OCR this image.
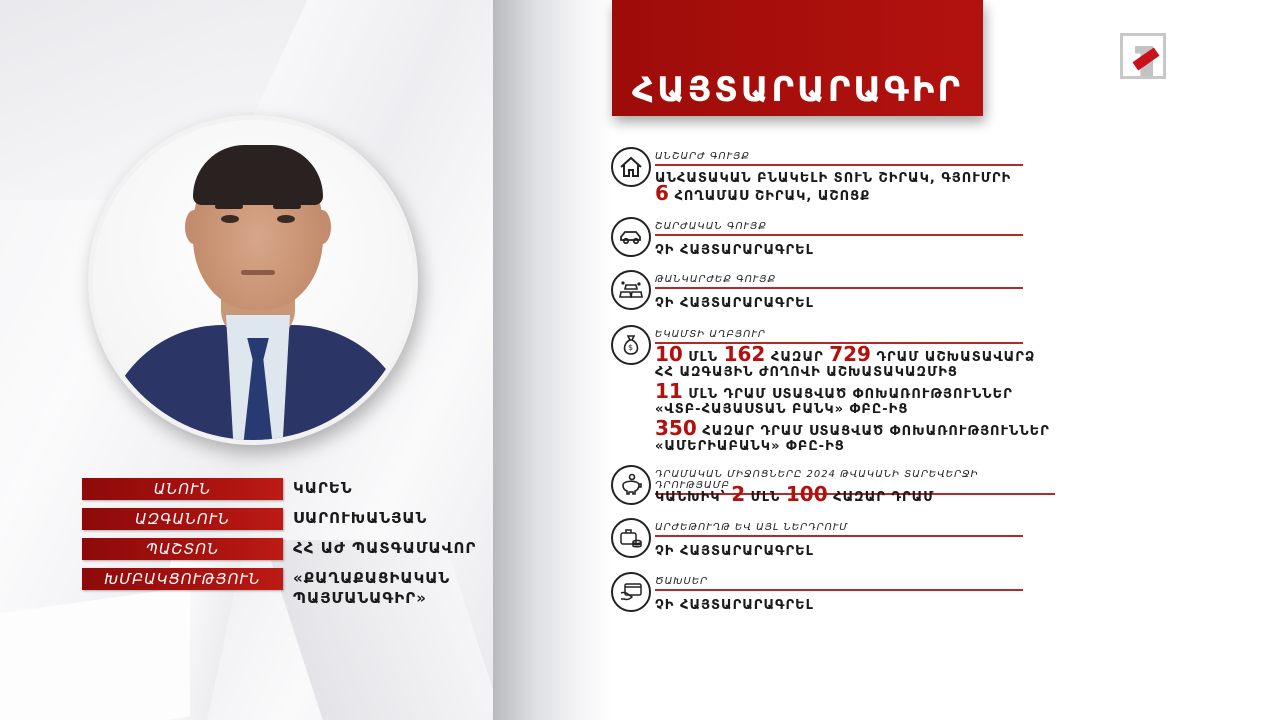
ԱՆՈՒՆ	ԿԱՐԵՆ
ԱԶԳԱՆՈՒՆ	ՍԱՐՈՒԽԱՆՅԱՆ
ՊԱՇՏՈՆ	ՀՀ ԱԺ ՊԱՏԳԱՄԱՎՈՐ
ԽՄԲԱԿՑՈՒԹՅՈՒՆ	«ՔԱՂԱՔԱՑԻԱԿԱՆ
ՊԱՅՄԱՆԱԳԻՐ»
ՀԱՅՏԱՐԱՐԱԳԻՐ
ԱՆՇԱՐԺ ԳՈՒՅՔ
ԱՆՀԱՏԱԿԱՆ ԲՆԱԿԵԼԻ ՏՈՒՆ ՇԻՐԱԿ, ԳՅՈՒՄՐԻ
6 ՀՈՂԱՄԱՍ ՇԻՐԱԿ, ԱՇՈՑՔ
ՇԱՐԺԱԿԱՆ ԳՈՒՅՔ
ՉԻ ՀԱՅՏԱՐԱՐԱԳՐԵԼ
ԹԱՆԿԱՐԺԵՔ ԳՈՒՅՔ
ՉԻ ՀԱՅՏԱՐԱՐԱԳՐԵԼ
$
ԵԿԱՄՏԻ ԱՂԲՅՈՒՐ
10 ՄԼՆ 162 ՀԱԶԱՐ 729 ԴՐԱՄ ԱՇԽԱՏԱՎԱՐՁ
ՀՀ ԱԶԳԱՅԻՆ ԺՈՂՈՎԻ ԱՇԽԱՏԱԿԱԶՄԻՑ
11 ՄԼՆ ԴՐԱՄ ՍՏԱՑՎԱԾ ՓՈԽԱՌՈՒԹՅՈՒՆՆԵՐ
«ՎՏԲ-ՀԱՅԱՍՏԱՆ ԲԱՆԿ» ՓԲԸ-ԻՑ
350 ՀԱԶԱՐ ԴՐԱՄ ՍՏԱՑՎԱԾ ՓՈԽԱՌՈՒԹՅՈՒՆՆԵՐ
«ԱՄԵՐԻԱԲԱՆԿ» ՓԲԸ-ԻՑ
ԴՐԱՄԱԿԱՆ ՄԻՋՈՑՆԵՐԸ 2024 ԹՎԱԿԱՆԻ ՏԱՐԵՎԵՐՋԻ ԴՐՈՒԹՅԱՄԲ
ԿԱՆԽԻԿ՝ 2 ՄԼՆ 100 ՀԱԶԱՐ ԴՐԱՄ
ԱՐԺԵԹՈՒՂԹ ԵՎ ԱՅԼ ՆԵՐԴՐՈՒՄ
ՉԻ ՀԱՅՏԱՐԱՐԱԳՐԵԼ
ԾԱԽՍԵՐ
ՉԻ ՀԱՅՏԱՐԱՐԱԳՐԵԼ
